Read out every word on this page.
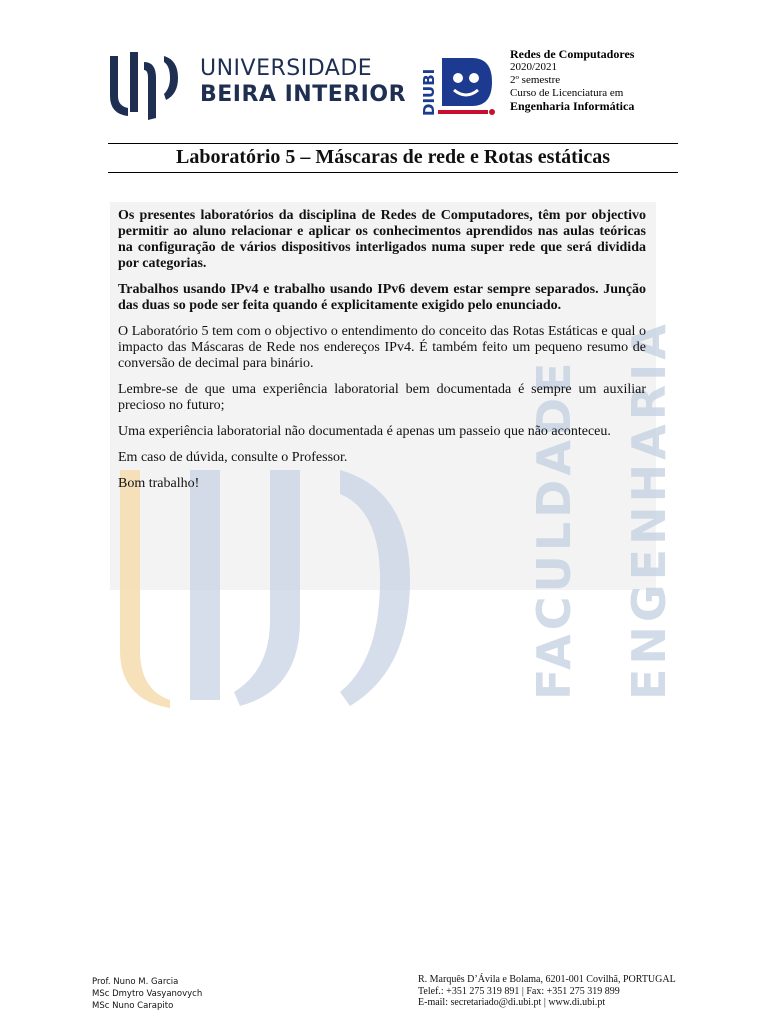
UNIVERSIDADE
BEIRA INTERIOR DIUBI
Redes de Computadores
2020/2021
2º semestre
Curso de Licenciatura em
Engenharia Informática
Laboratório 5 – Máscaras de rede e Rotas estáticas
FACULDADE ENGENHARIA

Os presentes laboratórios da disciplina de Redes de Computadores, têm por objectivo permitir ao aluno relacionar e aplicar os conhecimentos aprendidos nas aulas teóricas na configuração de vários dispositivos interligados numa super rede que será dividida por categorias.

Trabalhos usando IPv4 e trabalho usando IPv6 devem estar sempre separados. Junção das duas so pode ser feita quando é explicitamente exigido pelo enunciado.

O Laboratório 5 tem com o objectivo o entendimento do conceito das Rotas Estáticas e qual o impacto das Máscaras de Rede nos endereços IPv4. É também feito um pequeno resumo de conversão de decimal para binário.

Lembre-se de que uma experiência laboratorial bem documentada é sempre um auxiliar precioso no futuro;

Uma experiência laboratorial não documentada é apenas um passeio que não aconteceu.

Em caso de dúvida, consulte o Professor.

Bom trabalho!

Prof. Nuno M. Garcia
MSc Dmytro Vasyanovych
MSc Nuno Carapito
R. Marquês D’Ávila e Bolama, 6201-001 Covilhã, PORTUGAL
Telef.: +351 275 319 891 | Fax: +351 275 319 899
E-mail: secretariado@di.ubi.pt | www.di.ubi.pt
